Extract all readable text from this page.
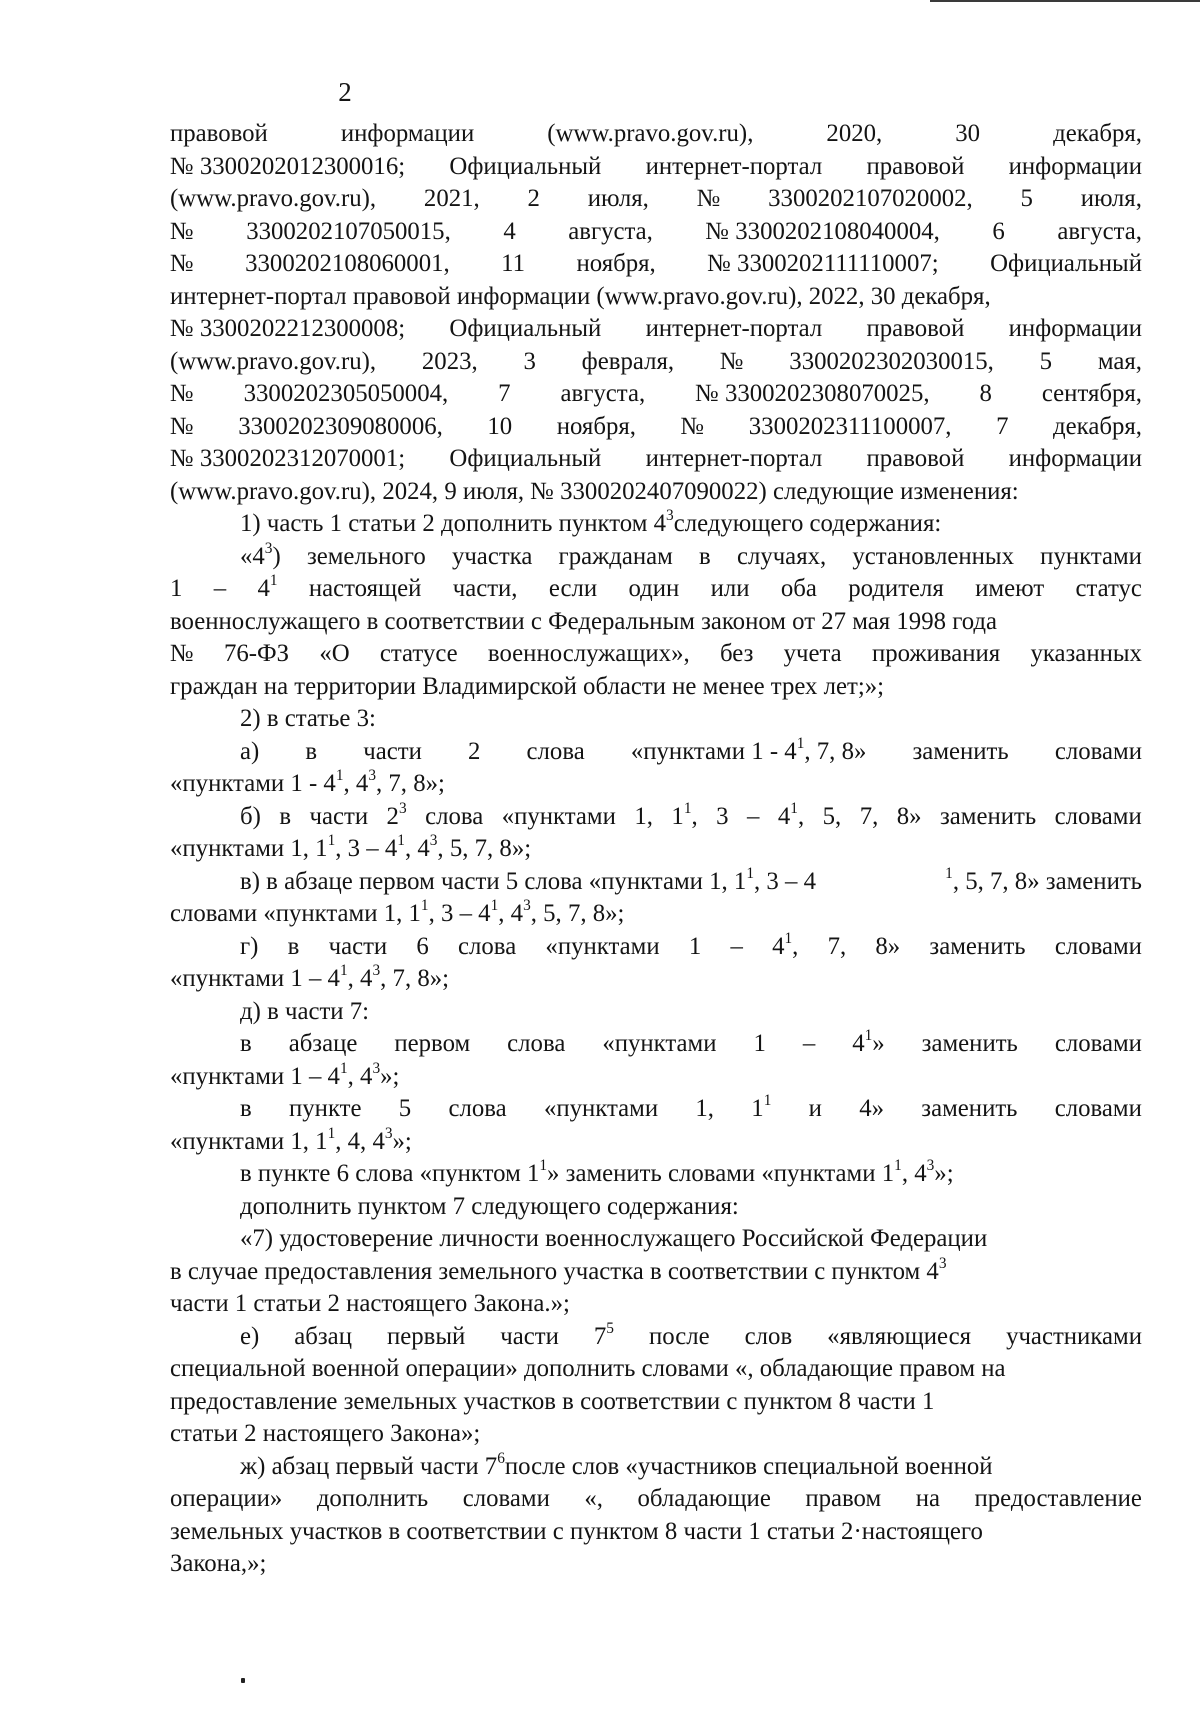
2
правовой	информации	(www.pravo.gov.ru),	2020,	30	декабря,
№ 3300202012300016; Официальный интернет-портал правовой информации
(www.pravo.gov.ru), 2021, 2 июля, № 3300202107020002, 5 июля,
№ 3300202107050015, 4 августа, № 3300202108040004, 6 августа,
№ 3300202108060001, 11 ноября, № 3300202111110007; Официальный
интернет-портал правовой информации (www.pravo.gov.ru), 2022, 30 декабря,
№ 3300202212300008; Официальный интернет-портал правовой информации
(www.pravo.gov.ru), 2023, 3 февраля, № 3300202302030015, 5 мая,
№ 3300202305050004, 7 августа, № 3300202308070025, 8 сентября,
№ 3300202309080006, 10 ноября, № 3300202311100007, 7 декабря,
№ 3300202312070001; Официальный интернет-портал правовой информации
(www.pravo.gov.ru), 2024, 9 июля, № 3300202407090022) следующие изменения:
1) часть 1 статьи 2 дополнить пунктом $4^3следующего$ содержания:
«$4^3$) земельного участка гражданам в случаях, установленных пунктами
$1 - 4^1$ настоящей части, если один или оба родителя имеют статус
военнослужащего в соответствии с Федеральным законом от 27 мая 1998 года
№ 76-ФЗ «О статусе военнослужащих», без учета проживания указанных
граждан на территории Владимирской области не менее трех лет;»;
2) в статье 3:
а) в части 2 слова «пунктами $1 - 4^1$, 7, 8» заменить словами
«пунктами $1 - 4^1$, 4 $^3$, 7, 8»;
б) в части $2^3$ слова «пунктами 1, $1^1$, $3 - 4^1$, 5, 7, 8» заменить словами
«пунктами 1, $1^1$, 3 – 4 $^1$, 4 $^3$, 5, 7, 8»;
в) в абзаце первом части 5 слова «пунктами 1, $1^1$, 3 – 4	$^1$, 5, 7, 8» заменить
словами «пунктами 1, $1^1$, 3 – 4 $^1$, 4 $^3$, 5, 7, 8»;
г) в части 6 слова «пунктами $1 - 4^1$, 7, 8» заменить словами
«пунктами $1 - 4^1$, 4 $^3$, 7, 8»;
д) в части 7:
в абзаце первом слова «пунктами $1 - 4^1$» заменить словами
«пунктами $1 - 4^1$, 4 $^3$»;
в пункте 5 слова «пунктами 1, $1^1$ и 4» заменить словами
«пунктами 1, $1^1$, 4, 4 $^3$»;
в пункте 6 слова «пунктом $1^1$» заменить словами «пунктами 1 $^1$, 4 $^3$»;
дополнить пунктом 7 следующего содержания:
«7) удостоверение личности военнослужащего Российской Федерации
в случае предоставления земельного участка в соответствии с пунктом $4^3$
части 1 статьи 2 настоящего Закона.»;
е) абзац первый части $7^5$ после слов «являющиеся участниками
специальной военной операции» дополнить словами «, обладающие правом на
предоставление земельных участков в соответствии с пунктом 8 части 1
статьи 2 настоящего Закона»;
ж) абзац первый части $7^6после$ слов «участников специальной военной
операции» дополнить словами «, обладающие правом на предоставление
земельных участков в соответствии с пунктом 8 части 1 статьи 2·настоящего
Закона,»;
